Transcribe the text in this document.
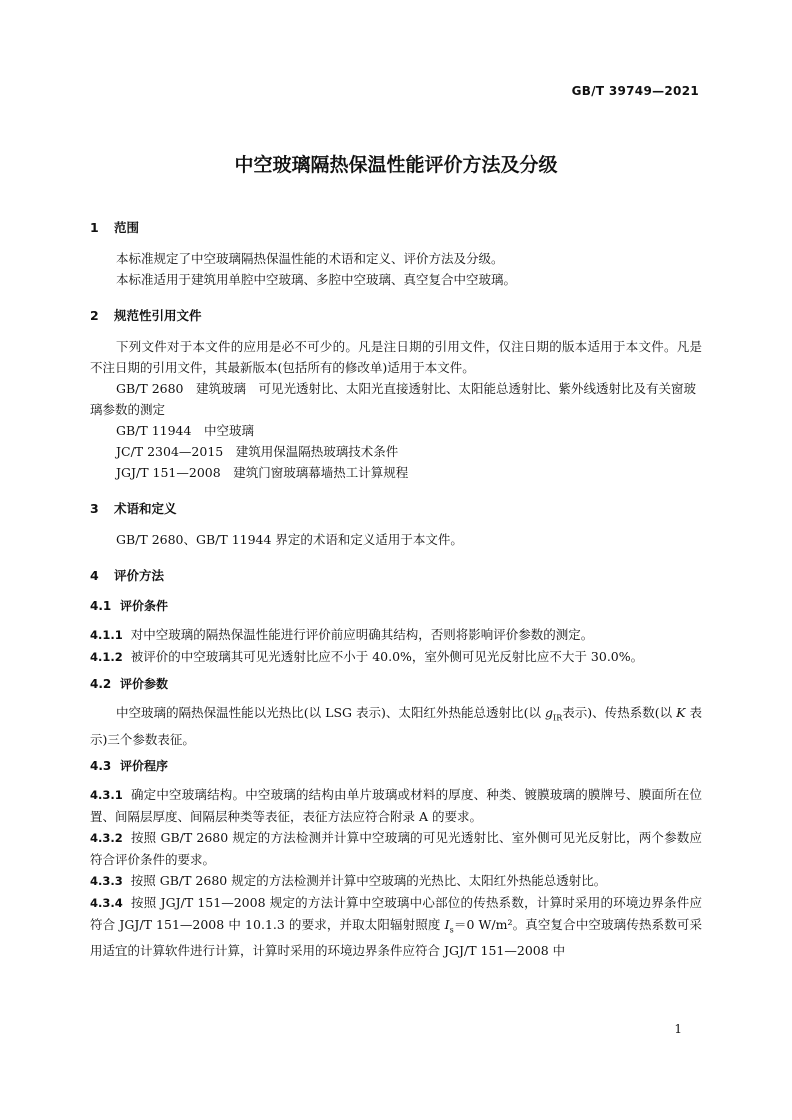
GB/T 39749—2021
中空玻璃隔热保温性能评价方法及分级
1 范围
本标准规定了中空玻璃隔热保温性能的术语和定义、评价方法及分级。
本标准适用于建筑用单腔中空玻璃、多腔中空玻璃、真空复合中空玻璃。
2 规范性引用文件
下列文件对于本文件的应用是必不可少的。凡是注日期的引用文件，仅注日期的版本适用于本文件。凡是不注日期的引用文件，其最新版本(包括所有的修改单)适用于本文件。
GB/T 2680　 建筑玻璃　可见光透射比、太阳光直接透射比、太阳能总透射比、紫外线透射比及有关窗玻璃参数的测定
GB/T 11944　 中空玻璃
JC/T 2304—2015　 建筑用保温隔热玻璃技术条件
JGJ/T 151—2008　 建筑门窗玻璃幕墙热工计算规程
3 术语和定义
GB/T 2680、GB/T 11944 界定的术语和定义适用于本文件。
4 评价方法
4.1 评价条件
4.1.1 对中空玻璃的隔热保温性能进行评价前应明确其结构，否则将影响评价参数的测定。
4.1.2 被评价的中空玻璃其可见光透射比应不小于 40.0%，室外侧可见光反射比应不大于 30.0%。
4.2 评价参数
中空玻璃的隔热保温性能以光热比(以 LSG 表示)、太阳红外热能总透射比(以 $g_{IR}$表示)、传热系数(以 K 表示)三个参数表征。
4.3 评价程序
4.3.1 确定中空玻璃结构。中空玻璃的结构由单片玻璃或材料的厚度、种类、镀膜玻璃的膜牌号、膜面所在位置、间隔层厚度、间隔层种类等表征，表征方法应符合附录 A 的要求。
4.3.2 按照 GB/T 2680 规定的方法检测并计算中空玻璃的可见光透射比、室外侧可见光反射比，两个参数应符合评价条件的要求。
4.3.3 按照 GB/T 2680 规定的方法检测并计算中空玻璃的光热比、太阳红外热能总透射比。
4.3.4 按照 JGJ/T 151—2008 规定的方法计算中空玻璃中心部位的传热系数，计算时采用的环境边界条件应符合 JGJ/T 151—2008 中 10.1.3 的要求，并取太阳辐射照度 $I_s=0$ W/m²。真空复合中空玻璃传热系数可采用适宜的计算软件进行计算，计算时采用的环境边界条件应符合 JGJ/T 151—2008 中
1
